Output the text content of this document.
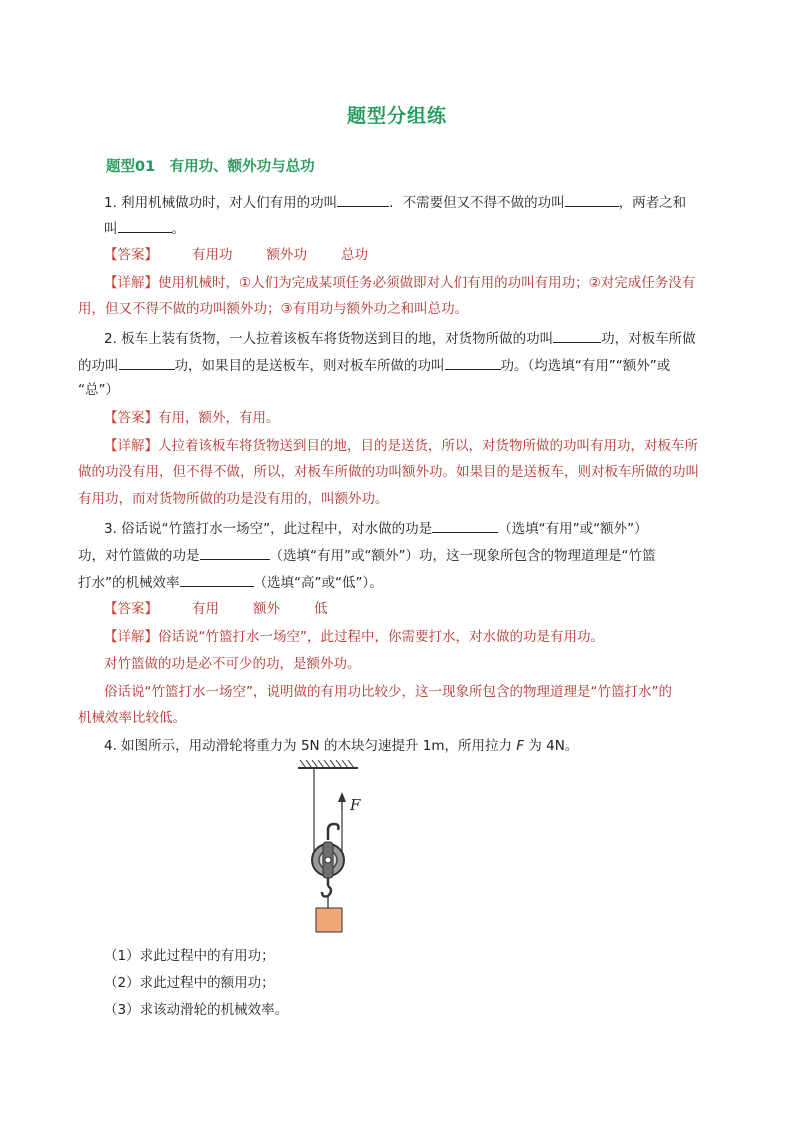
题型分组练
题型01　有用功、额外功与总功
1. 利用机械做功时，对人们有用的功叫	．不需要但又不得不做的功叫	，两者之和
叫	。
【答案】	有用功	额外功	总功
【详解】使用机械时，①人们为完成某项任务必须做即对人们有用的功叫有用功；②对完成任务没有
用，但又不得不做的功叫额外功；③有用功与额外功之和叫总功。
2. 板车上装有货物，一人拉着该板车将货物送到目的地，对货物所做的功叫	功，对板车所做
的功叫	功，如果目的是送板车，则对板车所做的功叫	功。（均选填“有用”“额外”或
“总”）
【答案】有用，额外，有用。
【详解】人拉着该板车将货物送到目的地，目的是送货，所以，对货物所做的功叫有用功，对板车所
做的功没有用，但不得不做，所以，对板车所做的功叫额外功。如果目的是送板车，则对板车所做的功叫
有用功，而对货物所做的功是没有用的，叫额外功。
3. 俗话说“竹篮打水一场空”，此过程中，对水做的功是	（选填“有用”或“额外”）
功，对竹篮做的功是	（选填“有用”或“额外”）功，这一现象所包含的物理道理是“竹篮
打水”的机械效率	（选填“高”或“低”）。
【答案】	有用	额外	低
【详解】俗话说“竹篮打水一场空”，此过程中，你需要打水，对水做的功是有用功。
对竹篮做的功是必不可少的功，是额外功。
俗话说“竹篮打水一场空”，说明做的有用功比较少，这一现象所包含的物理道理是“竹篮打水”的
机械效率比较低。
4. 如图所示，用动滑轮将重力为 5N 的木块匀速提升 1m，所用拉力 F 为 4N。
F
（1）求此过程中的有用功；
（2）求此过程中的额用功；
（3）求该动滑轮的机械效率。
